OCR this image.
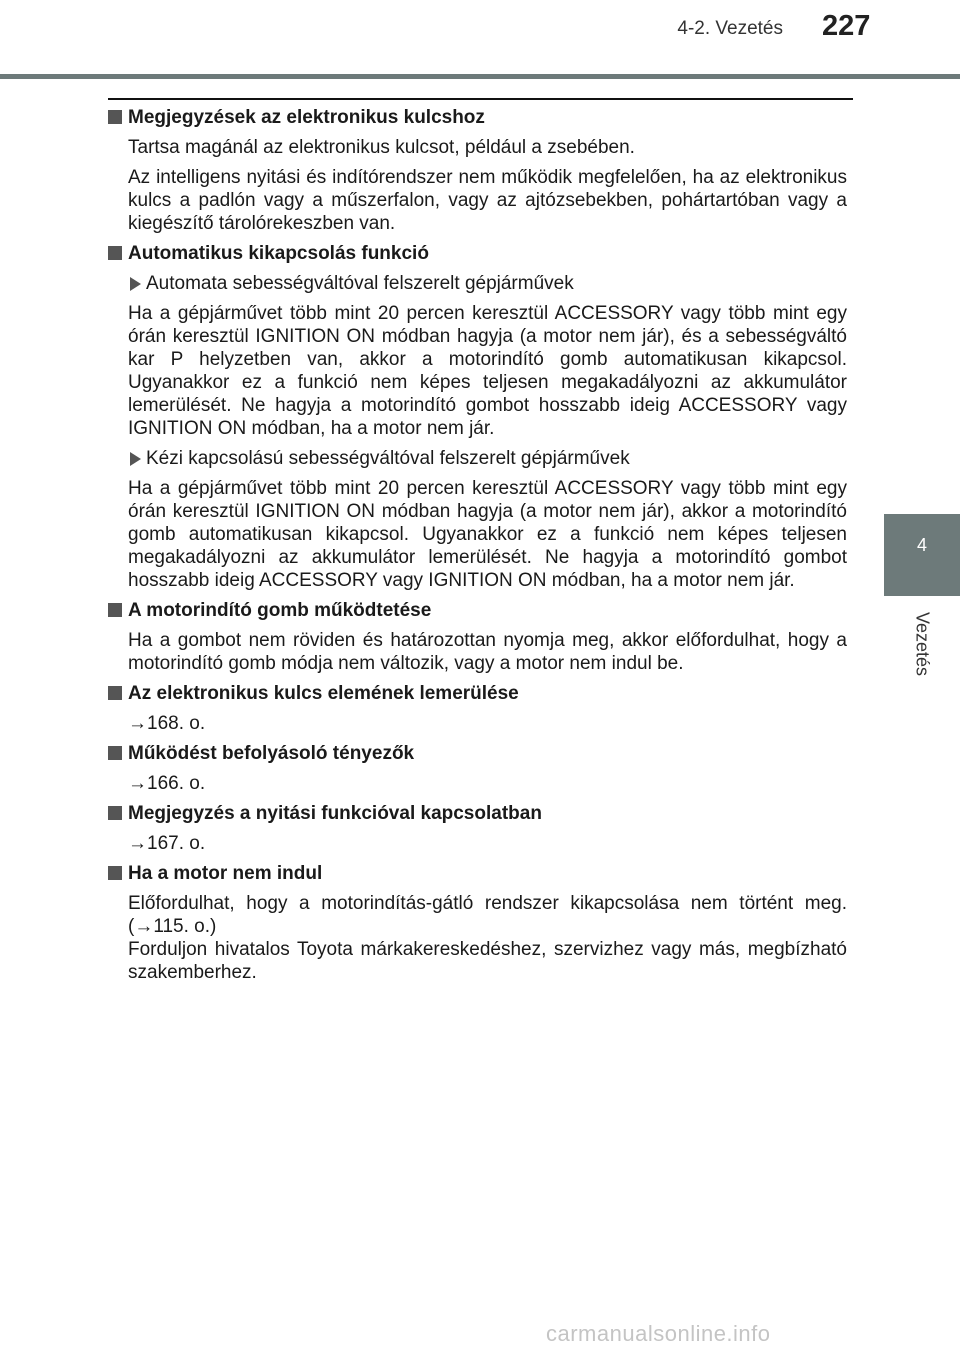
4-2. Vezetés 227
4
Vezetés
Megjegyzések az elektronikus kulcshoz
Tartsa magánál az elektronikus kulcsot, például a zsebében.
Az intelligens nyitási és indítórendszer nem működik megfelelően, ha az elektronikus kulcs a padlón vagy a műszerfalon, vagy az ajtózsebekben, pohártartóban vagy a kiegészítő tárolórekeszben van.
Automatikus kikapcsolás funkció
Automata sebességváltóval felszerelt gépjárművek
Ha a gépjárművet több mint 20 percen keresztül ACCESSORY vagy több mint egy órán keresztül IGNITION ON módban hagyja (a motor nem jár), és a sebességváltó kar P helyzetben van, akkor a motorindító gomb automatikusan kikapcsol. Ugyanakkor ez a funkció nem képes teljesen megakadályozni az akkumulátor lemerülését. Ne hagyja a motorindító gombot hosszabb ideig ACCESSORY vagy IGNITION ON módban, ha a motor nem jár.
Kézi kapcsolású sebességváltóval felszerelt gépjárművek
Ha a gépjárművet több mint 20 percen keresztül ACCESSORY vagy több mint egy órán keresztül IGNITION ON módban hagyja (a motor nem jár), akkor a motorindító gomb automatikusan kikapcsol. Ugyanakkor ez a funkció nem képes teljesen megakadályozni az akkumulátor lemerülését. Ne hagyja a motorindító gombot hosszabb ideig ACCESSORY vagy IGNITION ON módban, ha a motor nem jár.
A motorindító gomb működtetése
Ha a gombot nem röviden és határozottan nyomja meg, akkor előfordulhat, hogy a motorindító gomb módja nem változik, vagy a motor nem indul be.
Az elektronikus kulcs elemének lemerülése
→168. o.
Működést befolyásoló tényezők
→166. o.
Megjegyzés a nyitási funkcióval kapcsolatban
→167. o.
Ha a motor nem indul
Előfordulhat, hogy a motorindítás-gátló rendszer kikapcsolása nem történt meg. (→115. o.)
Forduljon hivatalos Toyota márkakereskedéshez, szervizhez vagy más, megbízható szakemberhez.
carmanualsonline.info
